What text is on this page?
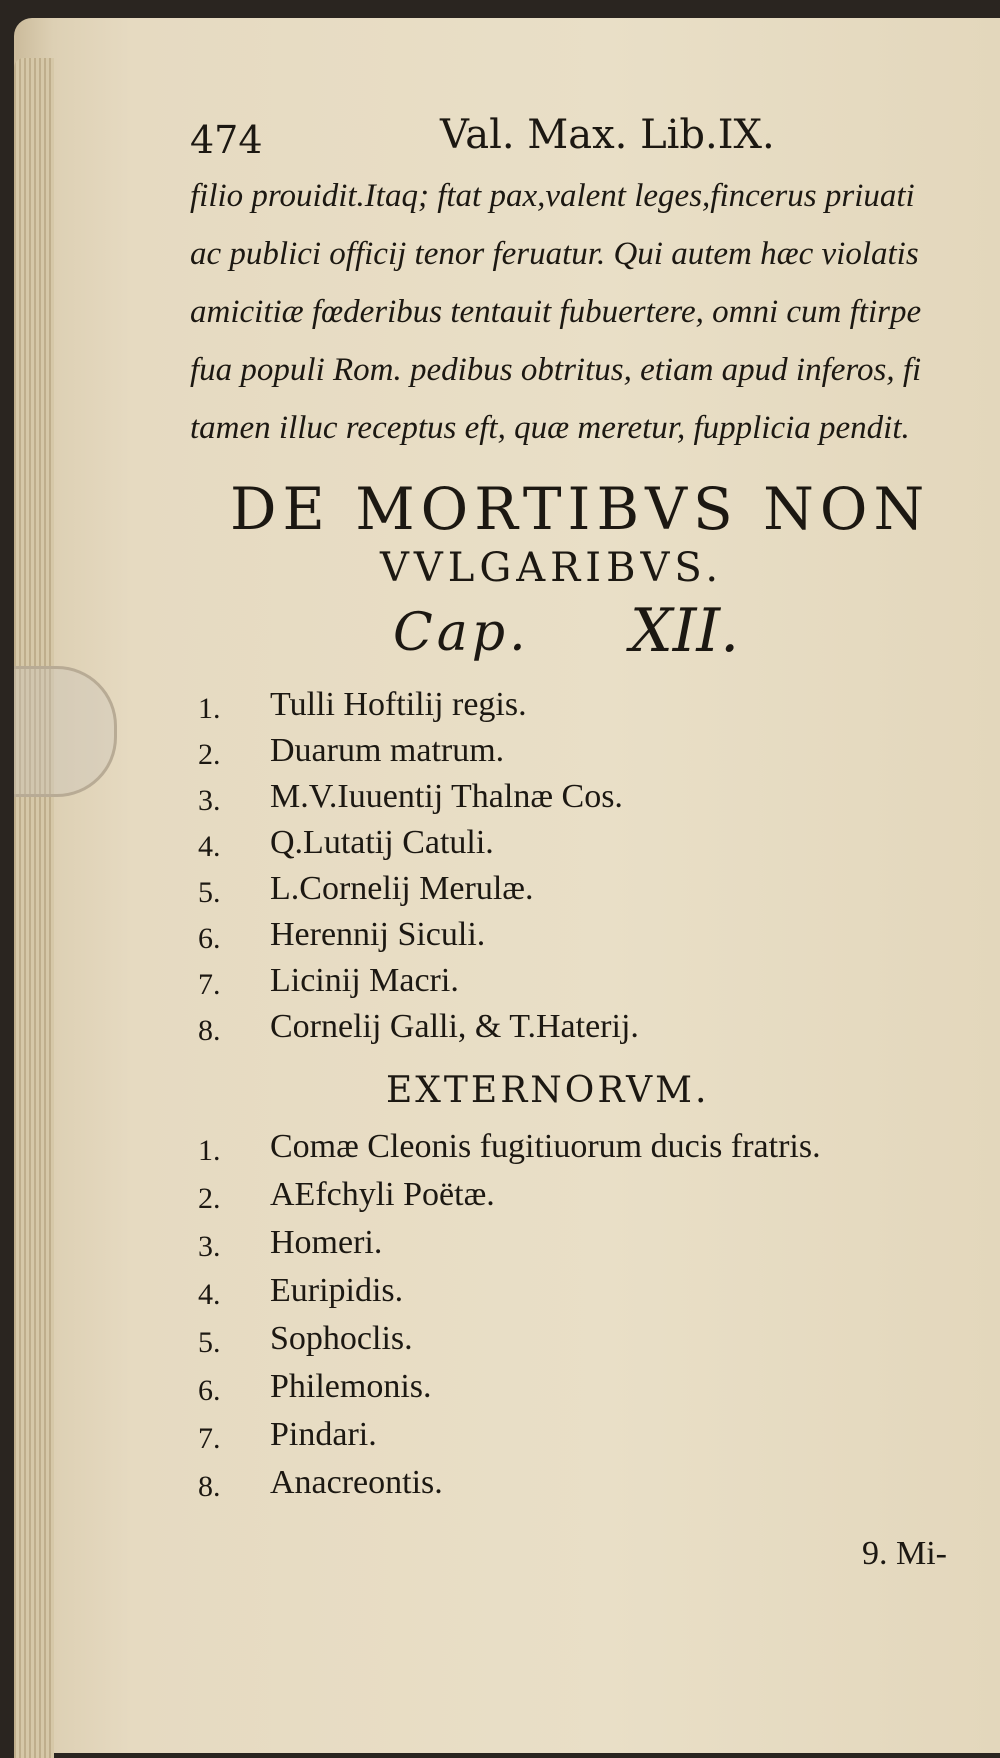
474	Val. Max. Lib.IX.
filio prouidit.Itaq; ftat pax,valent leges,fincerus priuati
ac publici officij tenor feruatur. Qui autem hæc violatis
amicitiæ fœderibus tentauit fubuertere, omni cum ftirpe
fua populi Rom. pedibus obtritus, etiam apud inferos, fi
tamen illuc receptus eft, quæ meretur, fupplicia pendit.
DE MORTIBVS NON
VVLGARIBVS.
Cap. XII.
1. Tulli Hoftilij regis.
2. Duarum matrum.
3. M.V.Iuuentij Thalnæ Cos.
4. Q.Lutatij Catuli.
5. L.Cornelij Merulæ.
6. Herennij Siculi.
7. Licinij Macri.
8. Cornelij Galli, & T.Haterij.
EXTERNORVM.
1. Comæ Cleonis fugitiuorum ducis fratris.
2. AEfchyli Poëtæ.
3. Homeri.
4. Euripidis.
5. Sophoclis.
6. Philemonis.
7. Pindari.
8. Anacreontis.
9. Mi-
